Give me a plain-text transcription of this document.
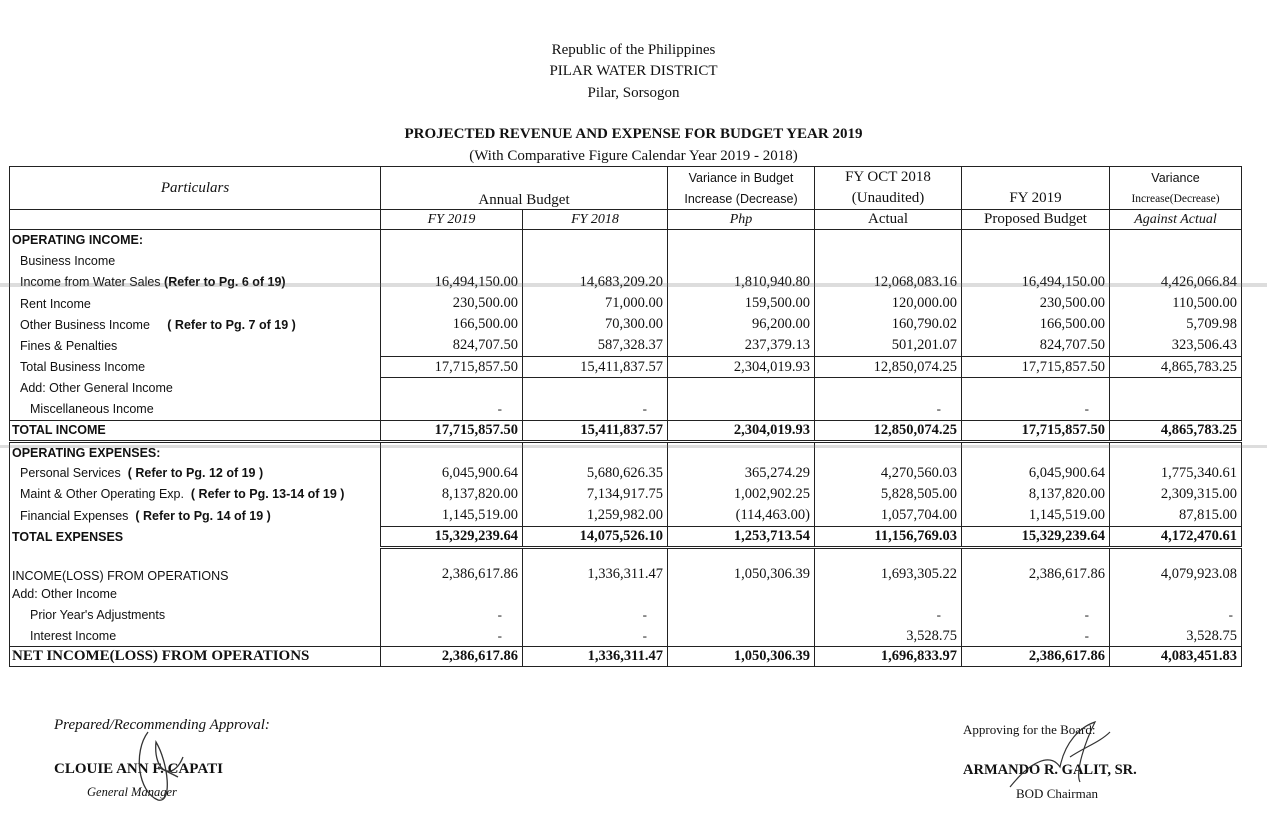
Republic of the Philippines
PILAR WATER DISTRICT
Pilar, Sorsogon
PROJECTED REVENUE AND EXPENSE FOR BUDGET YEAR 2019
(With Comparative Figure Calendar Year 2019 - 2018)
Particulars	Annual Budget		Variance in Budget	FY OCT 2018		Variance
			Increase (Decrease)	(Unaudited)	FY 2019	Increase(Decrease)
	FY 2019	FY 2018	Php	Actual	Proposed Budget	Against Actual
OPERATING INCOME:						
Business Income						
Income from Water Sales (Refer to Pg. 6 of 19)	16,494,150.00	14,683,209.20	1,810,940.80	12,068,083.16	16,494,150.00	4,426,066.84
Rent Income	230,500.00	71,000.00	159,500.00	120,000.00	230,500.00	110,500.00
Other Business Income ( Refer to Pg. 7 of 19 )	166,500.00	70,300.00	96,200.00	160,790.02	166,500.00	5,709.98
Fines & Penalties	824,707.50	587,328.37	237,379.13	501,201.07	824,707.50	323,506.43
Total Business Income	17,715,857.50	15,411,837.57	2,304,019.93	12,850,074.25	17,715,857.50	4,865,783.25
Add: Other General Income						
Miscellaneous Income	-	-		-	-	
TOTAL INCOME	17,715,857.50	15,411,837.57	2,304,019.93	12,850,074.25	17,715,857.50	4,865,783.25
OPERATING EXPENSES:						
Personal Services ( Refer to Pg. 12 of 19 )	6,045,900.64	5,680,626.35	365,274.29	4,270,560.03	6,045,900.64	1,775,340.61
Maint & Other Operating Exp. ( Refer to Pg. 13-14 of 19 )	8,137,820.00	7,134,917.75	1,002,902.25	5,828,505.00	8,137,820.00	2,309,315.00
Financial Expenses ( Refer to Pg. 14 of 19 )	1,145,519.00	1,259,982.00	(114,463.00)	1,057,704.00	1,145,519.00	87,815.00
TOTAL EXPENSES	15,329,239.64	14,075,526.10	1,253,713.54	11,156,769.03	15,329,239.64	4,172,470.61

INCOME(LOSS) FROM OPERATIONS	2,386,617.86	1,336,311.47	1,050,306.39	1,693,305.22	2,386,617.86	4,079,923.08
Add: Other Income						
Prior Year's Adjustments	-	-		-	-	-
Interest Income	-	-		3,528.75	-	3,528.75
NET INCOME(LOSS) FROM OPERATIONS	2,386,617.86	1,336,311.47	1,050,306.39	1,696,833.97	2,386,617.86	4,083,451.83
Prepared/Recommending Approval:
CLOUIE ANN F. CAPATI
General Manager
Approving for the Board:
ARMANDO R. GALIT, SR.
BOD Chairman
